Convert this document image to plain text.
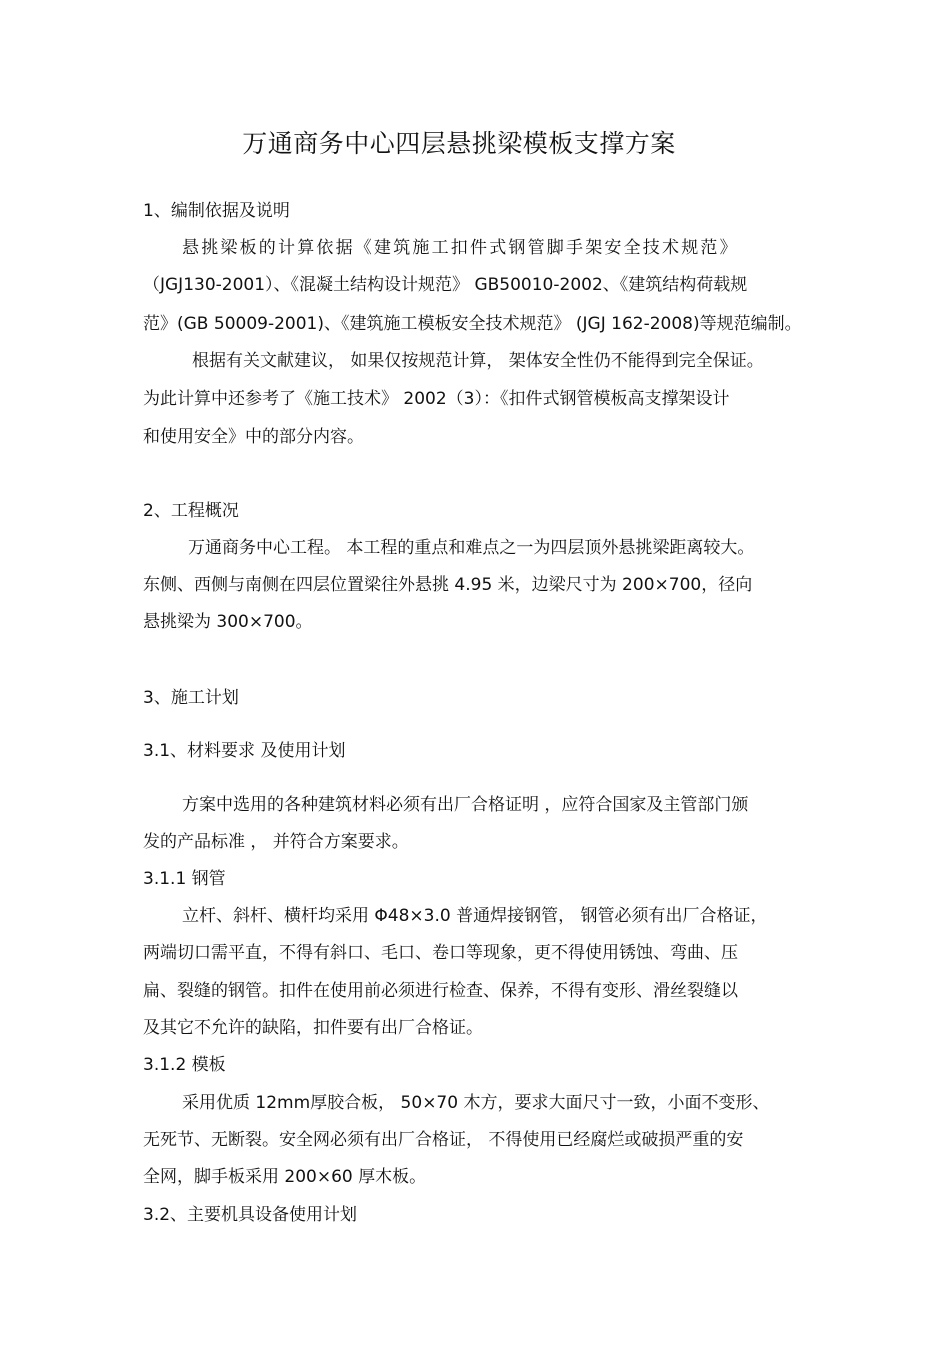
万通商务中心四层悬挑梁模板支撑方案

1、编制依据及说明

悬挑梁板的计算依据《建筑施工扣件式钢管脚手架安全技术规范》

（JGJ130-2001）、《混凝土结构设计规范》 GB50010-2002、《建筑结构荷载规

范》(GB 50009-2001)、《建筑施工模板安全技术规范》 (JGJ 162-2008)等规范编制。

根据有关文献建议， 如果仅按规范计算， 架体安全性仍不能得到完全保证。

为此计算中还参考了《施工技术》 2002（3）：《扣件式钢管模板高支撑架设计

和使用安全》中的部分内容。

2、工程概况

万通商务中心工程。 本工程的重点和难点之一为四层顶外悬挑梁距离较大。

东侧、西侧与南侧在四层位置梁往外悬挑 4.95 米，边梁尺寸为 200×700，径向

悬挑梁为 300×700。

3、施工计划

3.1、材料要求 及使用计划

方案中选用的各种建筑材料必须有出厂合格证明 ，应符合国家及主管部门颁

发的产品标准 ， 并符合方案要求。

3.1.1 钢管

立杆、斜杆、横杆均采用 Φ48×3.0 普通焊接钢管， 钢管必须有出厂合格证，

两端切口需平直，不得有斜口、毛口、卷口等现象，更不得使用锈蚀、弯曲、压

扁、裂缝的钢管。扣件在使用前必须进行检查、保养，不得有变形、滑丝裂缝以

及其它不允许的缺陷，扣件要有出厂合格证。

3.1.2 模板

采用优质 12mm厚胶合板， 50×70 木方，要求大面尺寸一致，小面不变形、

无死节、无断裂。安全网必须有出厂合格证， 不得使用已经腐烂或破损严重的安

全网，脚手板采用 200×60 厚木板。

3.2、主要机具设备使用计划
